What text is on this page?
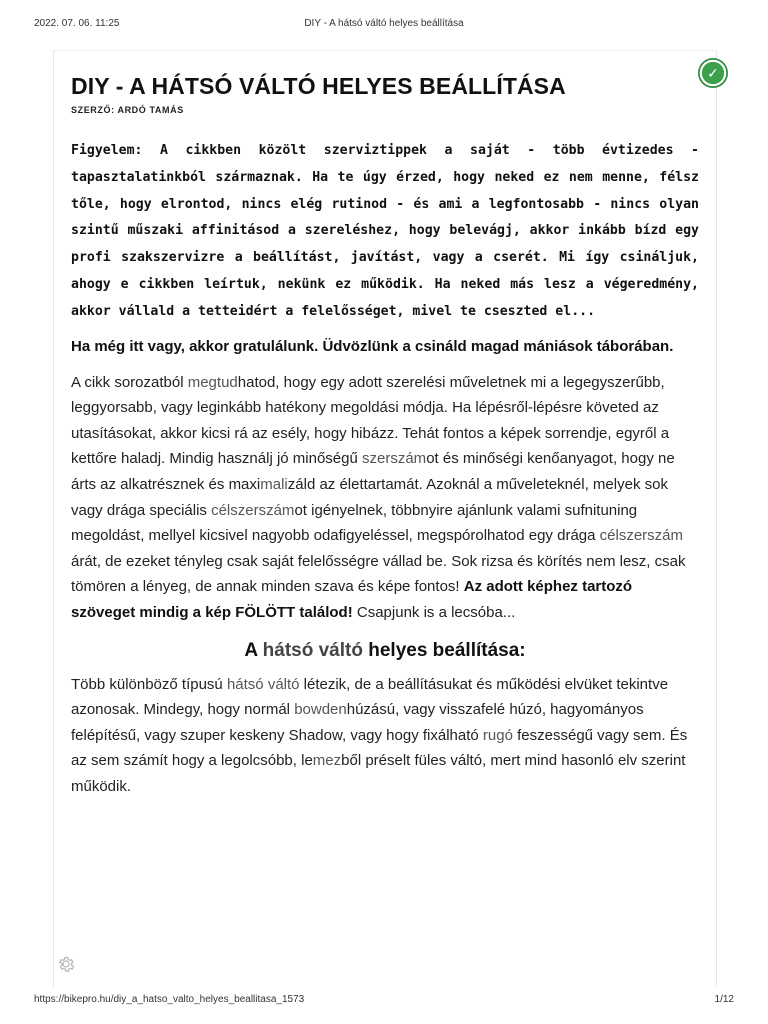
2022. 07. 06. 11:25	DIY - A hátsó váltó helyes beállítása
✓
DIY - A HÁTSÓ VÁLTÓ HELYES BEÁLLÍTÁSA
SZERZŐ: ARDÓ TAMÁS
Figyelem: A cikkben közölt szerviztippek a saját - több évtizedes - tapasztalatinkból származnak. Ha te úgy érzed, hogy neked ez nem menne, félsz tőle, hogy elrontod, nincs elég rutinod - és ami a legfontosabb - nincs olyan szintű műszaki affinitásod a szereléshez, hogy belevágj, akkor inkább bízd egy profi szakszervizre a beállítást, javítást, vagy a cserét. Mi így csináljuk, ahogy e cikkben leírtuk, nekünk ez működik. Ha neked más lesz a végeredmény, akkor vállald a tetteidért a felelősséget, mivel te cseszted el...
Ha még itt vagy, akkor gratulálunk. Üdvözlünk a csináld magad mániások táborában.
A cikk sorozatból megtudhatod, hogy egy adott szerelési műveletnek mi a legegyszerűbb, leggyorsabb, vagy leginkább hatékony megoldási módja. Ha lépésről-lépésre követed az utasításokat, akkor kicsi rá az esély, hogy hibázz. Tehát fontos a képek sorrendje, egyről a kettőre haladj. Mindig használj jó minőségű szerszámot és minőségi kenőanyagot, hogy ne árts az alkatrésznek és maximalizáld az élettartamát. Azoknál a műveleteknél, melyek sok vagy drága speciális célszerszámot igényelnek, többnyire ajánlunk valami sufnituning megoldást, mellyel kicsivel nagyobb odafigyeléssel, megspórolhatod egy drága célszerszám árát, de ezeket tényleg csak saját felelősségre vállad be. Sok rizsa és körítés nem lesz, csak tömören a lényeg, de annak minden szava és képe fontos! Az adott képhez tartozó szöveget mindig a kép FÖLÖTT találod! Csapjunk is a lecsóba...
A hátsó váltó helyes beállítása:
Több különböző típusú hátsó váltó létezik, de a beállításukat és működési elvüket tekintve azonosak. Mindegy, hogy normál bowdenhúzású, vagy visszafelé húzó, hagyományos felépítésű, vagy szuper keskeny Shadow, vagy hogy fixálható rugó feszességű vagy sem. És az sem számít hogy a legolcsóbb, lemezből préselt füles váltó, mert mind hasonló elv szerint működik.
https://bikepro.hu/diy_a_hatso_valto_helyes_beallitasa_1573	1/12
